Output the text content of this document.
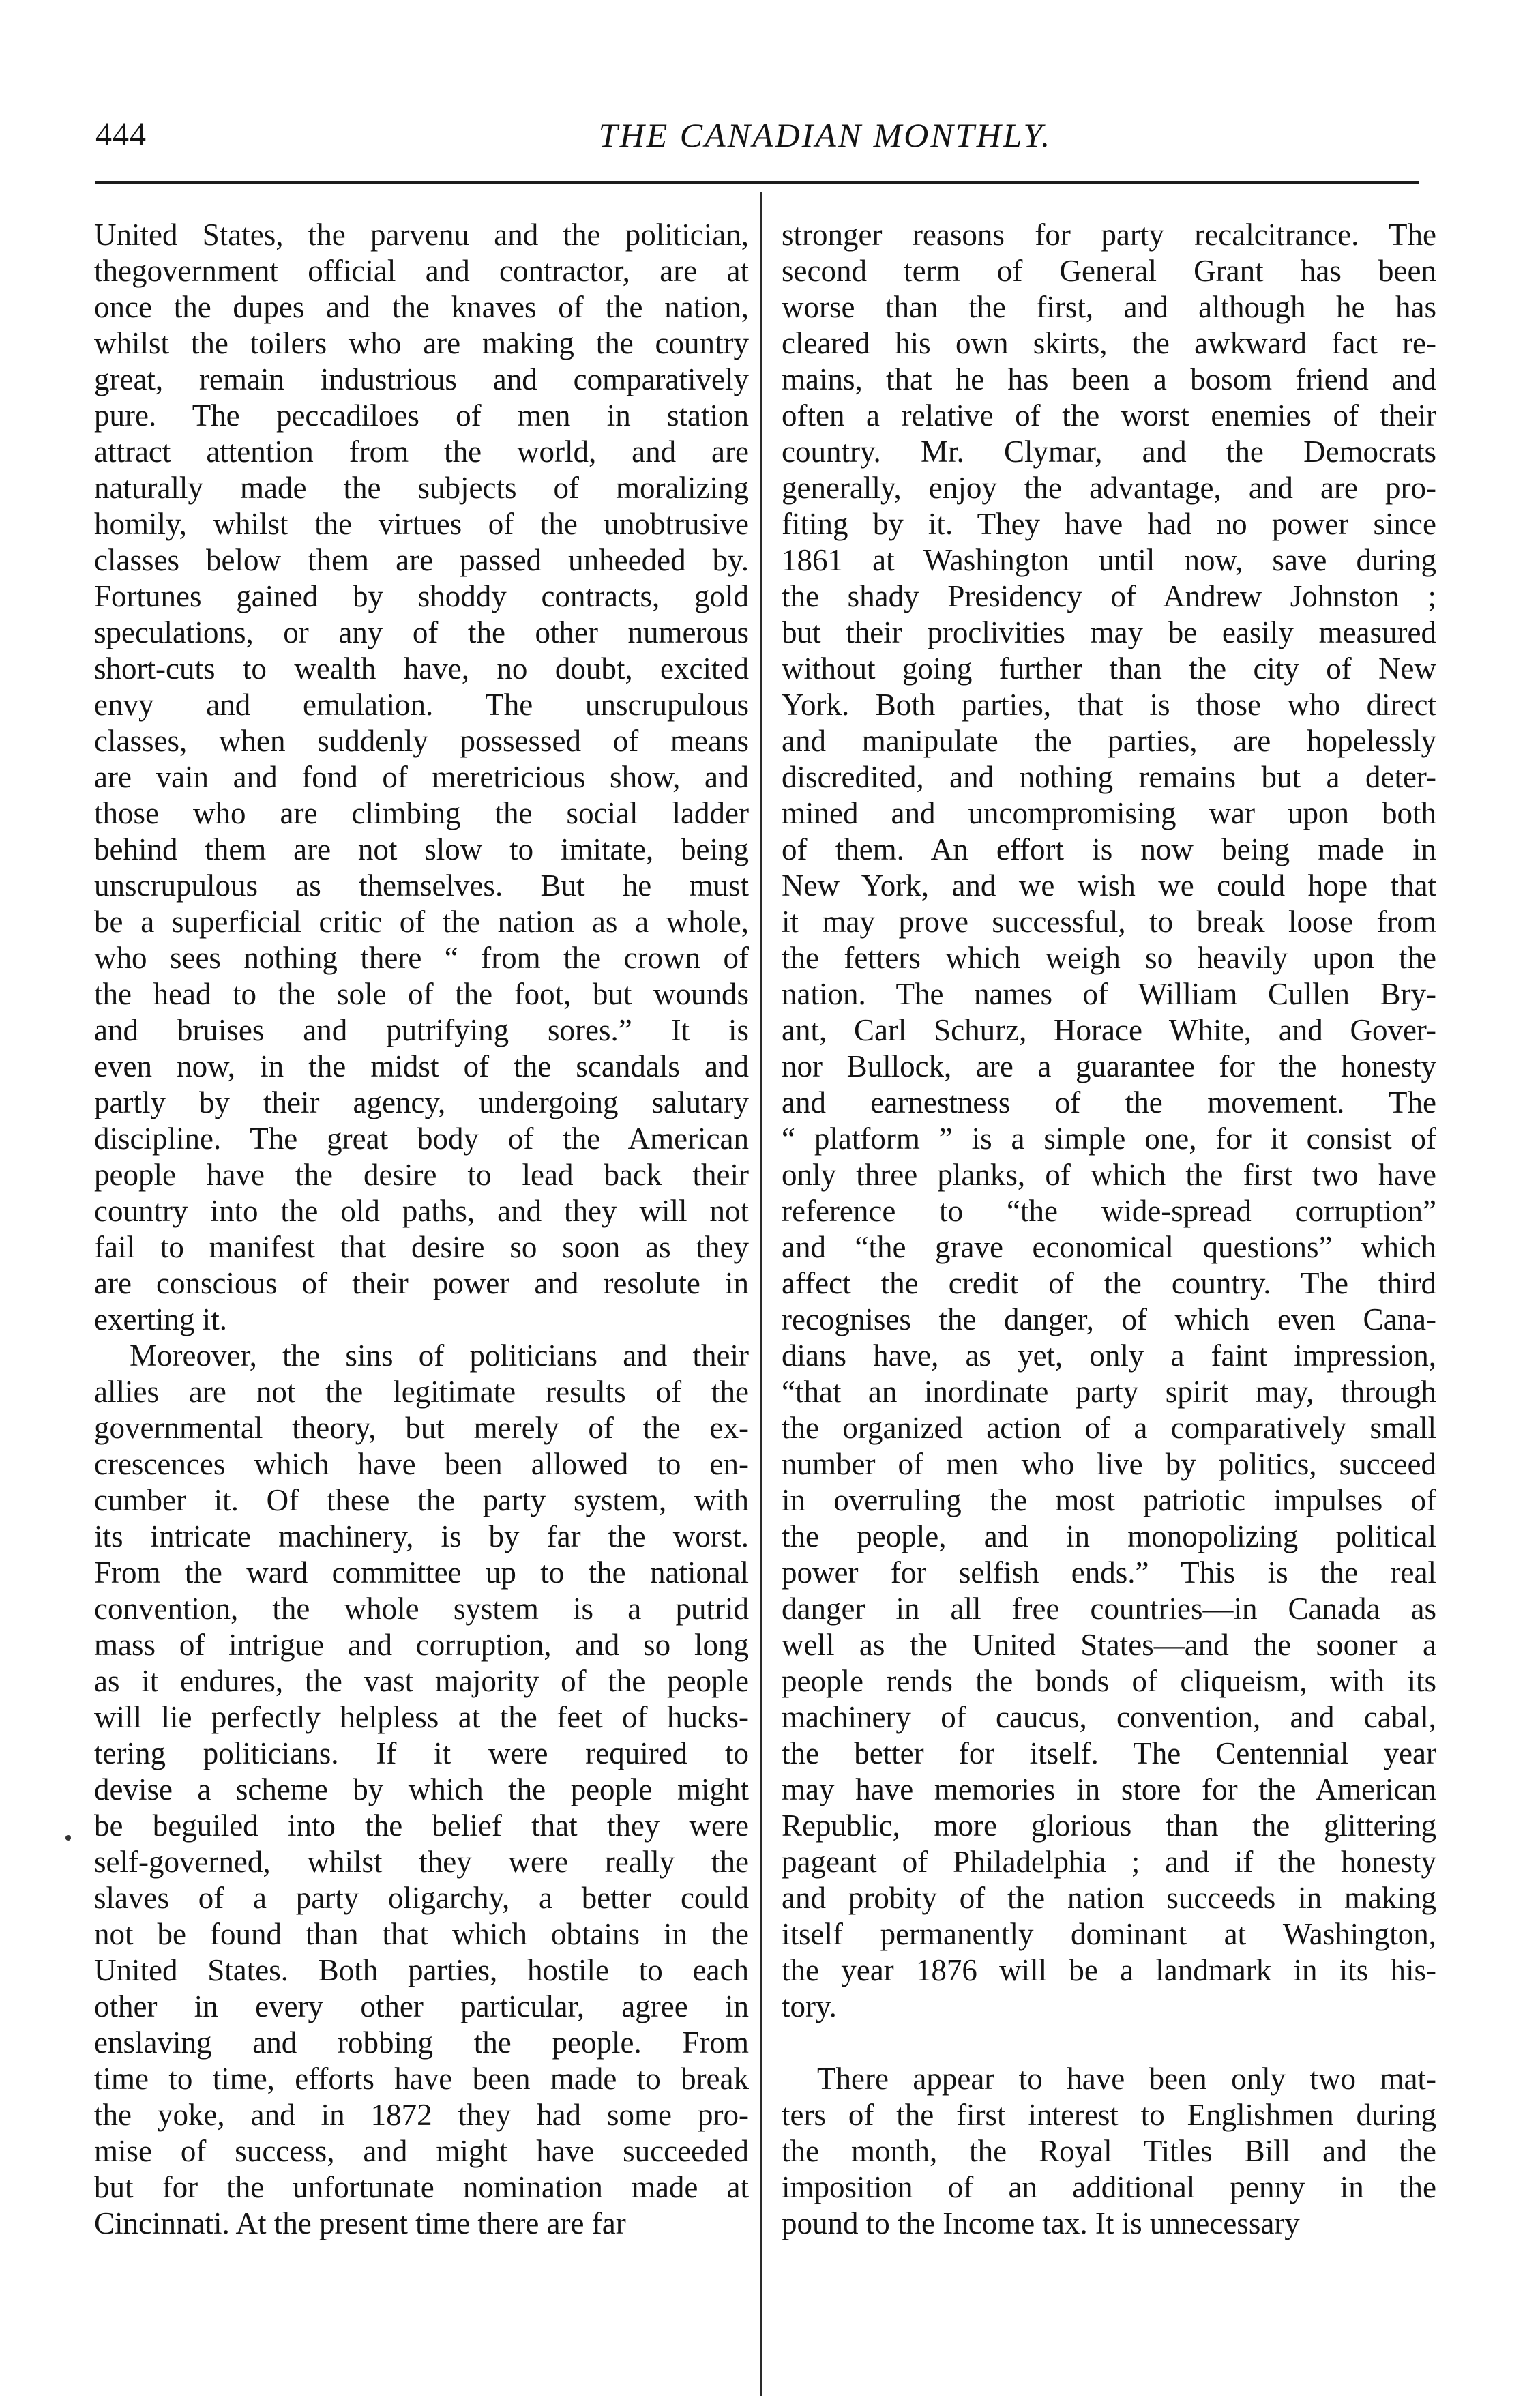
444	THE CANADIAN MONTHLY.
United States, the parvenu and the politician,
thegovernment official and contractor, are at
once the dupes and the knaves of the nation,
whilst the toilers who are making the country
great, remain industrious and comparatively
pure. The peccadiloes of men in station
attract attention from the world, and are
naturally made the subjects of moralizing
homily, whilst the virtues of the unobtrusive
classes below them are passed unheeded by.
Fortunes gained by shoddy contracts, gold
speculations, or any of the other numerous
short-cuts to wealth have, no doubt, excited
envy and emulation. The unscrupulous
classes, when suddenly possessed of means
are vain and fond of meretricious show, and
those who are climbing the social ladder
behind them are not slow to imitate, being
unscrupulous as themselves. But he must
be a superficial critic of the nation as a whole,
who sees nothing there “ from the crown of
the head to the sole of the foot, but wounds
and bruises and putrifying sores.” It is
even now, in the midst of the scandals and
partly by their agency, undergoing salutary
discipline. The great body of the American
people have the desire to lead back their
country into the old paths, and they will not
fail to manifest that desire so soon as they
are conscious of their power and resolute in
exerting it.
Moreover, the sins of politicians and their
allies are not the legitimate results of the
governmental theory, but merely of the ex-
crescences which have been allowed to en-
cumber it. Of these the party system, with
its intricate machinery, is by far the worst.
From the ward committee up to the national
convention, the whole system is a putrid
mass of intrigue and corruption, and so long
as it endures, the vast majority of the people
will lie perfectly helpless at the feet of hucks-
tering politicians. If it were required to
devise a scheme by which the people might
be beguiled into the belief that they were
self-governed, whilst they were really the
slaves of a party oligarchy, a better could
not be found than that which obtains in the
United States. Both parties, hostile to each
other in every other particular, agree in
enslaving and robbing the people. From
time to time, efforts have been made to break
the yoke, and in 1872 they had some pro-
mise of success, and might have succeeded
but for the unfortunate nomination made at
Cincinnati. At the present time there are far
stronger reasons for party recalcitrance. The
second term of General Grant has been
worse than the first, and although he has
cleared his own skirts, the awkward fact re-
mains, that he has been a bosom friend and
often a relative of the worst enemies of their
country. Mr. Clymar, and the Democrats
generally, enjoy the advantage, and are pro-
fiting by it. They have had no power since
1861 at Washington until now, save during
the shady Presidency of Andrew Johnston ;
but their proclivities may be easily measured
without going further than the city of New
York. Both parties, that is those who direct
and manipulate the parties, are hopelessly
discredited, and nothing remains but a deter-
mined and uncompromising war upon both
of them. An effort is now being made in
New York, and we wish we could hope that
it may prove successful, to break loose from
the fetters which weigh so heavily upon the
nation. The names of William Cullen Bry-
ant, Carl Schurz, Horace White, and Gover-
nor Bullock, are a guarantee for the honesty
and earnestness of the movement. The
“ platform ” is a simple one, for it consist of
only three planks, of which the first two have
reference to “the wide-spread corruption”
and “the grave economical questions” which
affect the credit of the country. The third
recognises the danger, of which even Cana-
dians have, as yet, only a faint impression,
“that an inordinate party spirit may, through
the organized action of a comparatively small
number of men who live by politics, succeed
in overruling the most patriotic impulses of
the people, and in monopolizing political
power for selfish ends.” This is the real
danger in all free countries—in Canada as
well as the United States—and the sooner a
people rends the bonds of cliqueism, with its
machinery of caucus, convention, and cabal,
the better for itself. The Centennial year
may have memories in store for the American
Republic, more glorious than the glittering
pageant of Philadelphia ; and if the honesty
and probity of the nation succeeds in making
itself permanently dominant at Washington,
the year 1876 will be a landmark in its his-
tory.
There appear to have been only two mat-
ters of the first interest to Englishmen during
the month, the Royal Titles Bill and the
imposition of an additional penny in the
pound to the Income tax. It is unnecessary
